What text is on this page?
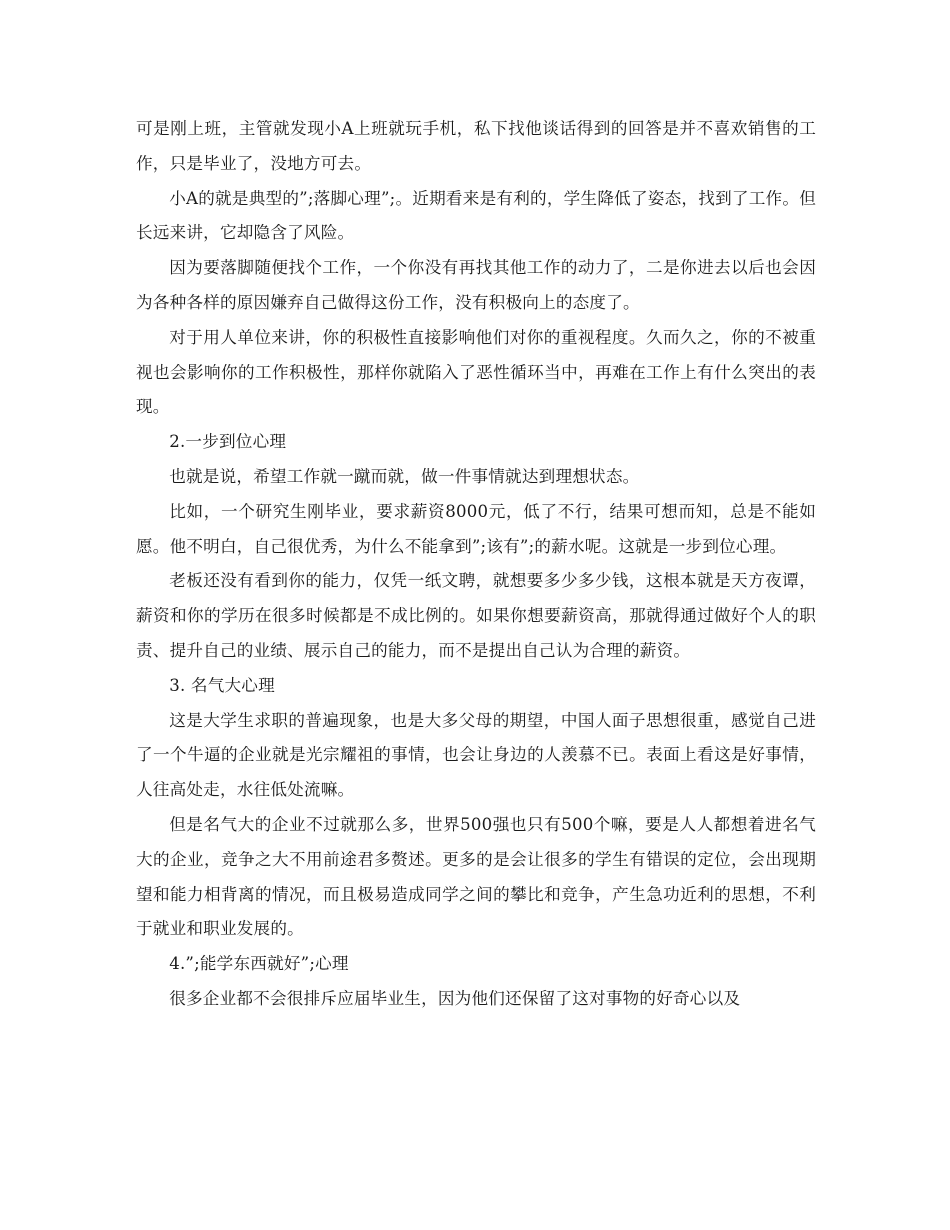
可是刚上班，主管就发现小A上班就玩手机，私下找他谈话得到的回答是并不喜欢销售的工作，只是毕业了，没地方可去。

小A的就是典型的”;落脚心理”;。近期看来是有利的，学生降低了姿态，找到了工作。但长远来讲，它却隐含了风险。

因为要落脚随便找个工作，一个你没有再找其他工作的动力了，二是你进去以后也会因为各种各样的原因嫌弃自己做得这份工作，没有积极向上的态度了。

对于用人单位来讲，你的积极性直接影响他们对你的重视程度。久而久之，你的不被重视也会影响你的工作积极性，那样你就陷入了恶性循环当中，再难在工作上有什么突出的表现。

2.一步到位心理

也就是说，希望工作就一蹴而就，做一件事情就达到理想状态。

比如，一个研究生刚毕业，要求薪资8000元，低了不行，结果可想而知，总是不能如愿。他不明白，自己很优秀，为什么不能拿到”;该有”;的薪水呢。这就是一步到位心理。

老板还没有看到你的能力，仅凭一纸文聘，就想要多少多少钱，这根本就是天方夜谭，薪资和你的学历在很多时候都是不成比例的。如果你想要薪资高，那就得通过做好个人的职责、提升自己的业绩、展示自己的能力，而不是提出自己认为合理的薪资。

3. 名气大心理

这是大学生求职的普遍现象，也是大多父母的期望，中国人面子思想很重，感觉自己进了一个牛逼的企业就是光宗耀祖的事情，也会让身边的人羡慕不已。表面上看这是好事情，人往高处走，水往低处流嘛。

但是名气大的企业不过就那么多，世界500强也只有500个嘛，要是人人都想着进名气大的企业，竞争之大不用前途君多赘述。更多的是会让很多的学生有错误的定位，会出现期望和能力相背离的情况，而且极易造成同学之间的攀比和竞争，产生急功近利的思想，不利于就业和职业发展的。

4.”;能学东西就好”;心理

很多企业都不会很排斥应届毕业生，因为他们还保留了这对事物的好奇心以及
